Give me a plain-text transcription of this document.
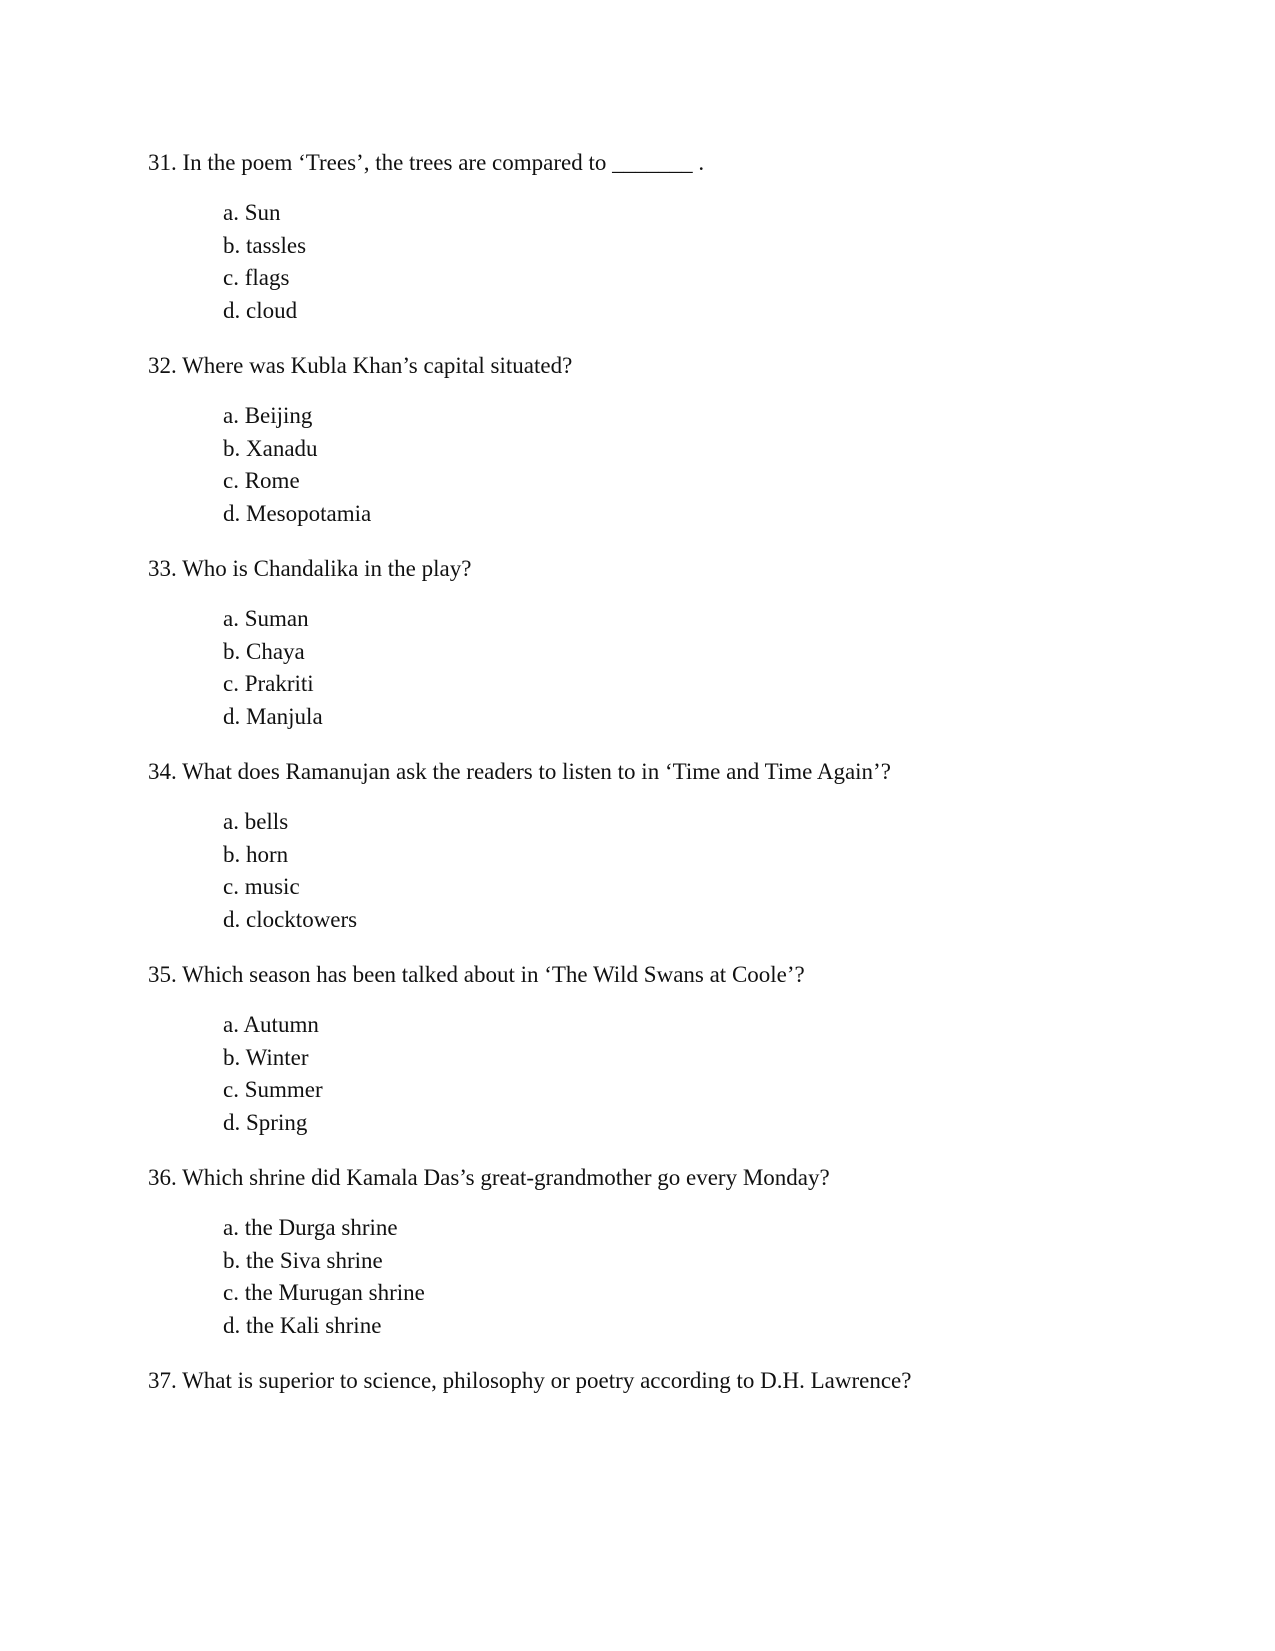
31. In the poem ‘Trees’, the trees are compared to _______ .
a. Sun
b. tassles
c. flags
d. cloud
32. Where was Kubla Khan’s capital situated?
a. Beijing
b. Xanadu
c. Rome
d. Mesopotamia
33. Who is Chandalika in the play?
a. Suman
b. Chaya
c. Prakriti
d. Manjula
34. What does Ramanujan ask the readers to listen to in ‘Time and Time Again’?
a. bells
b. horn
c. music
d. clocktowers
35. Which season has been talked about in ‘The Wild Swans at Coole’?
a. Autumn
b. Winter
c. Summer
d. Spring
36. Which shrine did Kamala Das’s great-grandmother go every Monday?
a. the Durga shrine
b. the Siva shrine
c. the Murugan shrine
d. the Kali shrine
37. What is superior to science, philosophy or poetry according to D.H. Lawrence?
